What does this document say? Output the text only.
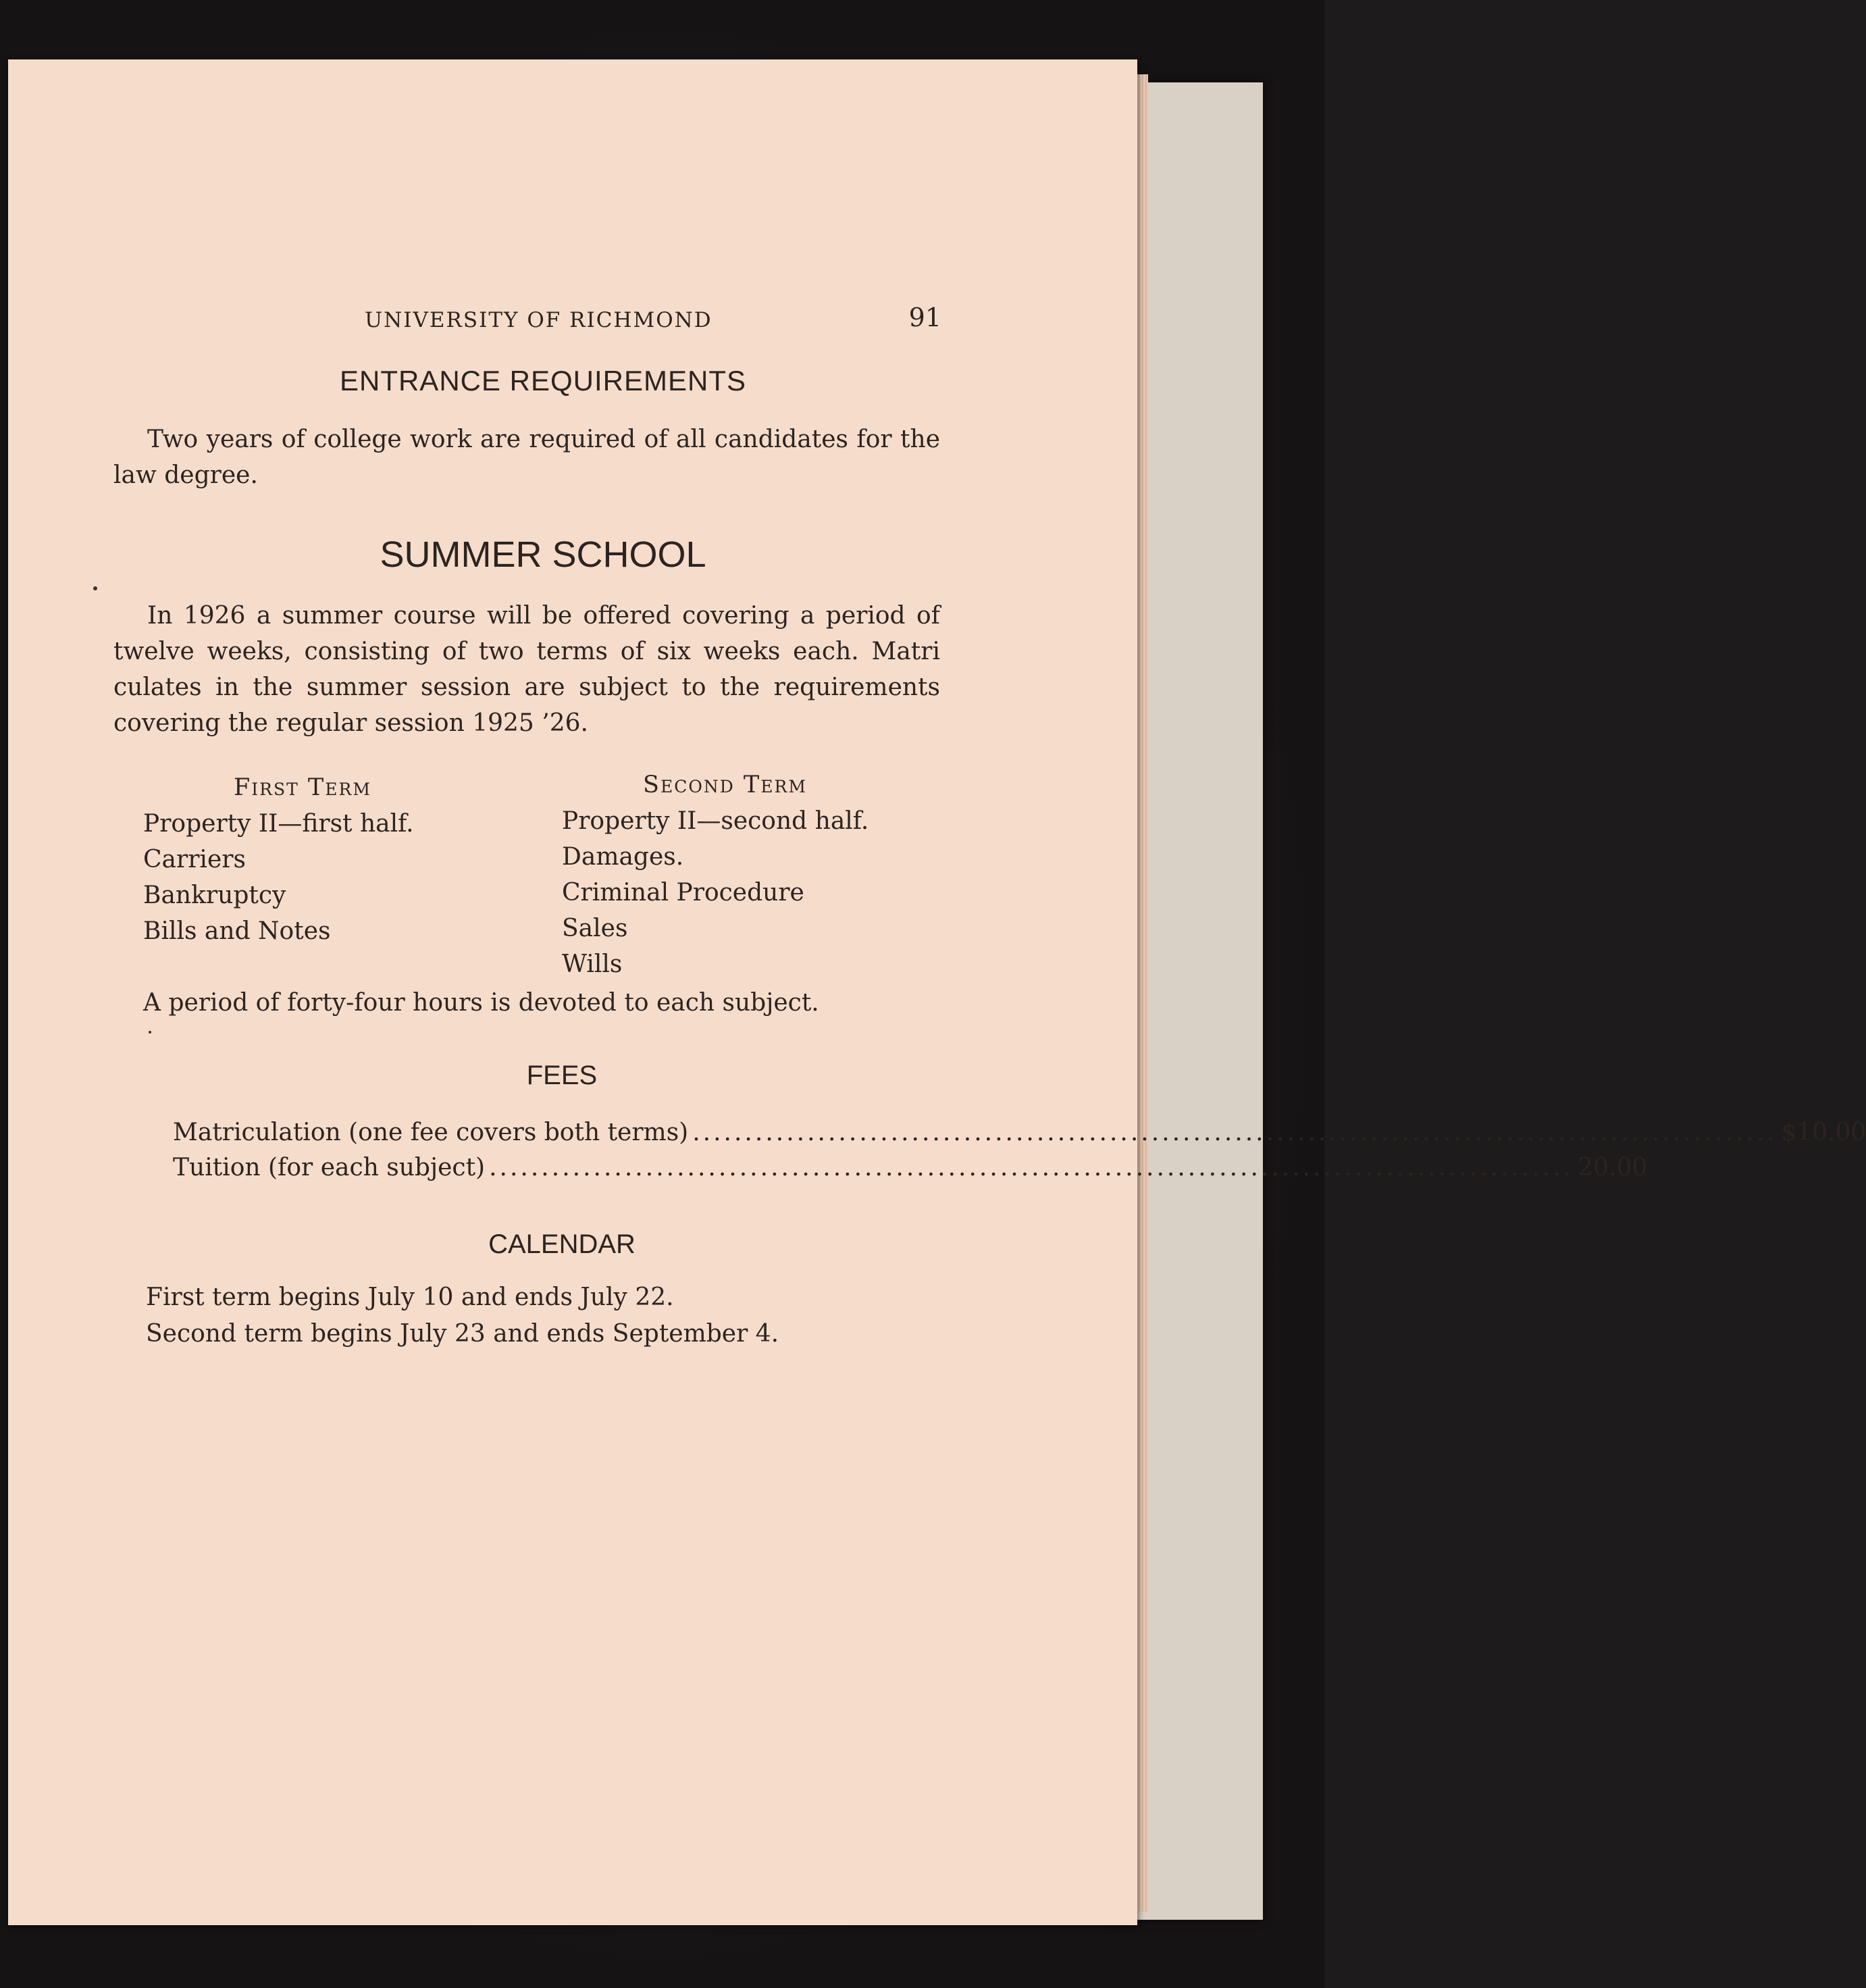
UNIVERSITY OF RICHMOND	91
ENTRANCE REQUIREMENTS

Two years of college work are required of all candidates for the law degree.

SUMMER SCHOOL

In 1926 a summer course will be offered covering a period of twelve weeks, consisting of two terms of six weeks each. Matri culates in the summer session are subject to the requirements covering the regular session 1925 ’26.

First Term
Property II—first half.
Carriers
Bankruptcy
Bills and Notes
Second Term
Property II—second half.
Damages.
Criminal Procedure
Sales
Wills
A period of forty-four hours is devoted to each subject.
FEES
Matriculation (one fee covers both terms) ........................................................................................................ $10.00
Tuition (for each subject) ........................................................................................................ 20.00
CALENDAR
First term begins July 10 and ends July 22.
Second term begins July 23 and ends September 4.
